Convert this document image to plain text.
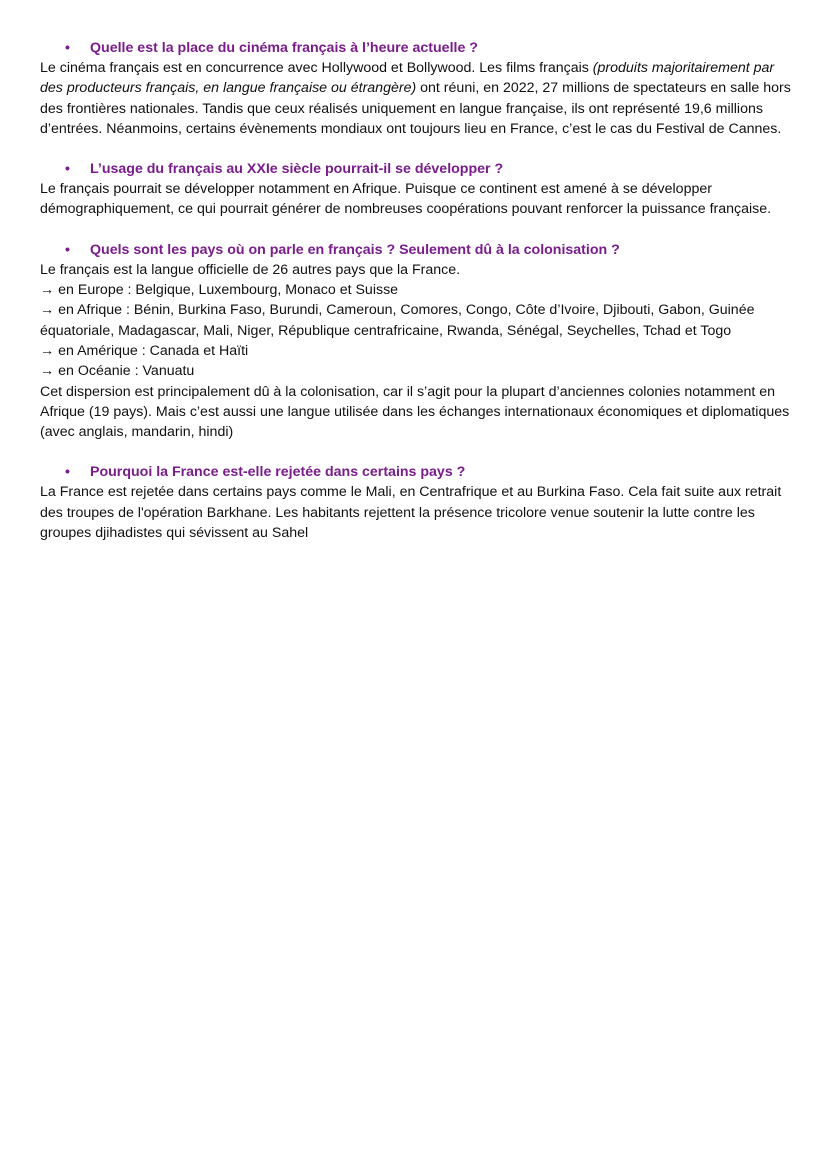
• Quelle est la place du cinéma français à l’heure actuelle ?

Le cinéma français est en concurrence avec Hollywood et Bollywood. Les films français (produits majoritairement par des producteurs français, en langue française ou étrangère) ont réuni, en 2022, 27 millions de spectateurs en salle hors des frontières nationales. Tandis que ceux réalisés uniquement en langue française, ils ont représenté 19,6 millions d’entrées. Néanmoins, certains évènements mondiaux ont toujours lieu en France, c’est le cas du Festival de Cannes.

• L’usage du français au XXIe siècle pourrait-il se développer ?

Le français pourrait se développer notamment en Afrique. Puisque ce continent est amené à se développer démographiquement, ce qui pourrait générer de nombreuses coopérations pouvant renforcer la puissance française.

• Quels sont les pays où on parle en français ? Seulement dû à la colonisation ?
Le français est la langue officielle de 26 autres pays que la France.
→ en Europe : Belgique, Luxembourg, Monaco et Suisse
→ en Afrique : Bénin, Burkina Faso, Burundi, Cameroun, Comores, Congo, Côte d’Ivoire, Djibouti, Gabon, Guinée équatoriale, Madagascar, Mali, Niger, République centrafricaine, Rwanda, Sénégal, Seychelles, Tchad et Togo
→ en Amérique : Canada et Haïti
→ en Océanie : Vanuatu

Cet dispersion est principalement dû à la colonisation, car il s’agit pour la plupart d’anciennes colonies notamment en Afrique (19 pays). Mais c’est aussi une langue utilisée dans les échanges internationaux économiques et diplomatiques (avec anglais, mandarin, hindi)

• Pourquoi la France est-elle rejetée dans certains pays ?

La France est rejetée dans certains pays comme le Mali, en Centrafrique et au Burkina Faso. Cela fait suite aux retrait des troupes de l'opération Barkhane. Les habitants rejettent la présence tricolore venue soutenir la lutte contre les groupes djihadistes qui sévissent au Sahel
